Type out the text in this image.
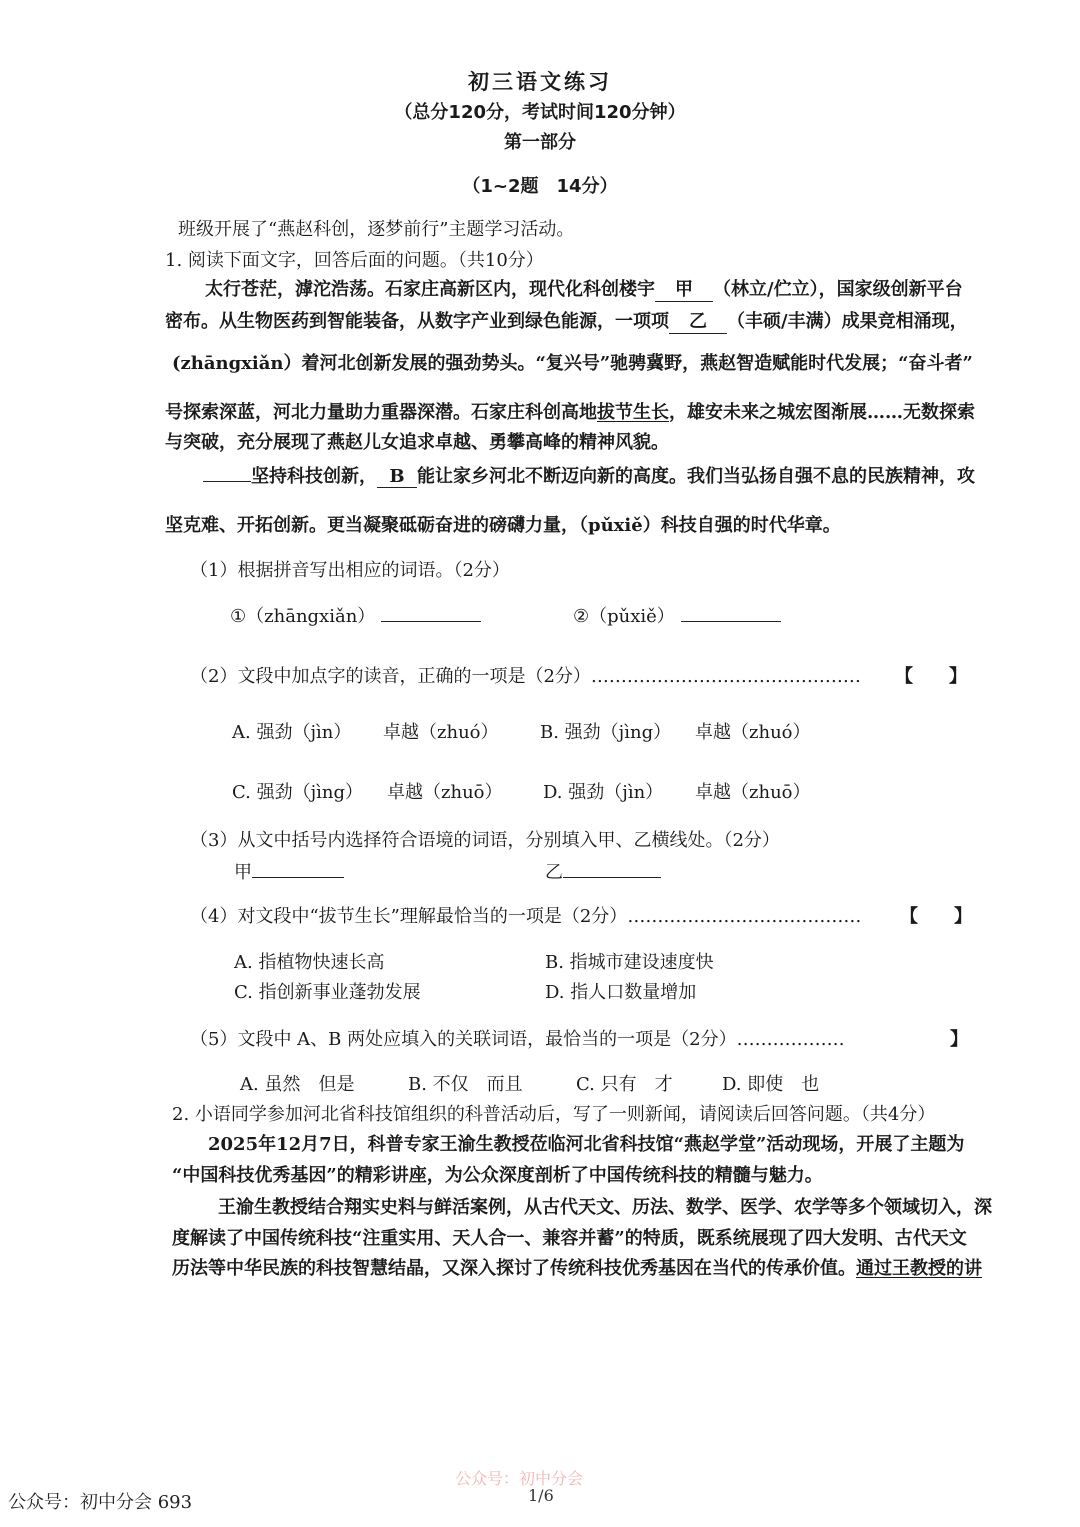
初三语文练习
（总分120分，考试时间120分钟）
第一部分
（1~2题　14分）
班级开展了“燕赵科创，逐梦前行”主题学习活动。
1. 阅读下面文字，回答后面的问题。（共10分）
太行苍茫，滹沱浩荡。石家庄高新区内，现代化科创楼宇 甲 （林立/伫立），国家级创新平台
密布。从生物医药到智能装备，从数字产业到绿色能源，一项项 乙 （丰硕/丰满）成果竞相涌现，
(zhāngxiǎn）着河北创新发展的强劲势头。“复兴号”驰骋冀野，燕赵智造赋能时代发展；“奋斗者”
号探索深蓝，河北力量助力重器深潜。石家庄科创高地拔节生长，雄安未来之城宏图渐展……无数探索
与突破，充分展现了燕赵儿女追求卓越、勇攀高峰的精神风貌。
坚持科技创新， B 能让家乡河北不断迈向新的高度。我们当弘扬自强不息的民族精神，攻
坚克难、开拓创新。更当凝聚砥砺奋进的磅礴力量，（pǔxiě）科技自强的时代华章。
（1）根据拼音写出相应的词语。（2分）
①（zhāngxiǎn）	②（pǔxiě）
（2）文段中加点字的读音，正确的一项是（2分）……………………………………… 【　　】
A. 强劲（jìn） 卓越（zhuó） B. 强劲（jìng） 卓越（zhuó）
C. 强劲（jìng） 卓越（zhuō） D. 强劲（jìn） 卓越（zhuō）
（3）从文中括号内选择符合语境的词语，分别填入甲、乙横线处。（2分）
甲	乙
（4）对文段中“拔节生长”理解最恰当的一项是（2分）………………………………… 【　　】
A. 指植物快速长高	B. 指城市建设速度快
C. 指创新事业蓬勃发展	D. 指人口数量增加
（5）文段中 A、B 两处应填入的关联词语，最恰当的一项是（2分）………………	】
A. 虽然　但是	B. 不仅　而且	C. 只有　才	D. 即使　也
2. 小语同学参加河北省科技馆组织的科普活动后，写了一则新闻，请阅读后回答问题。（共4分）
2025年12月7日，科普专家王渝生教授莅临河北省科技馆“燕赵学堂”活动现场，开展了主题为
“中国科技优秀基因”的精彩讲座，为公众深度剖析了中国传统科技的精髓与魅力。
王渝生教授结合翔实史料与鲜活案例，从古代天文、历法、数学、医学、农学等多个领域切入，深
度解读了中国传统科技“注重实用、天人合一、兼容并蓄”的特质，既系统展现了四大发明、古代天文
历法等中华民族的科技智慧结晶，又深入探讨了传统科技优秀基因在当代的传承价值。通过王教授的讲
公众号：初中分会
1/6
公众号：初中分会 693
